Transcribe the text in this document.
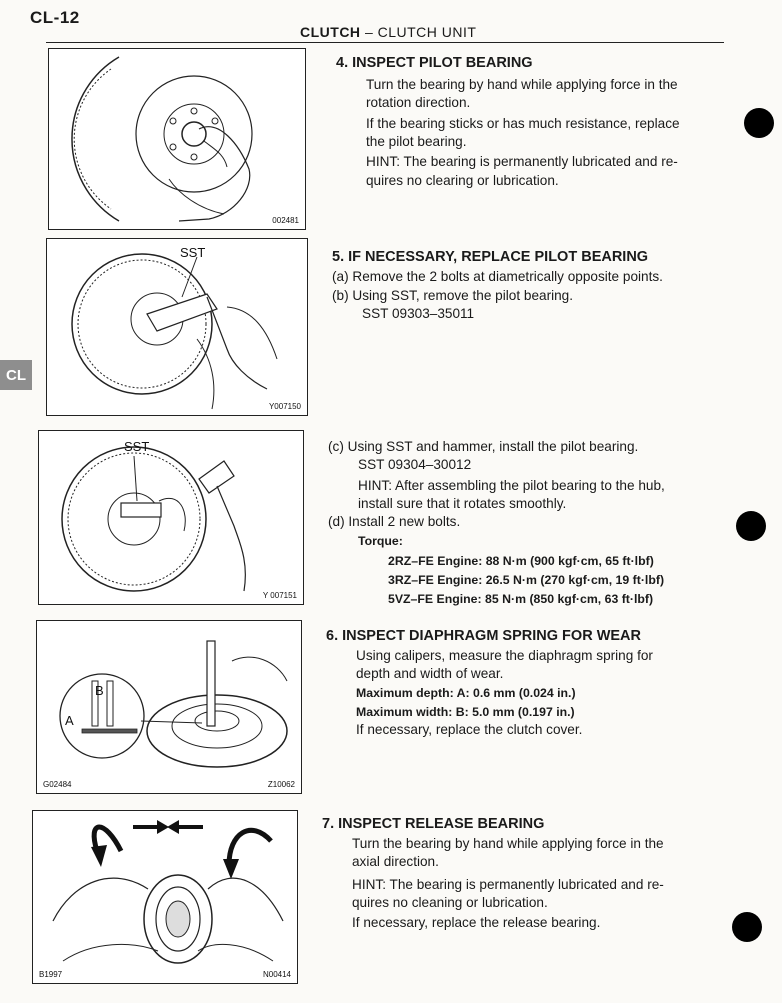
CL-12
CLUTCH – CLUTCH UNIT
CL
002481
SST
Y007150
SST
Y 007151
B
A
G02484	Z10062
B1997	N00414
4. INSPECT PILOT BEARING
Turn the bearing by hand while applying force in the
rotation direction.
If the bearing sticks or has much resistance, replace
the pilot bearing.
HINT: The bearing is permanently lubricated and re-
quires no clearing or lubrication.
5. IF NECESSARY, REPLACE PILOT BEARING
(a) Remove the 2 bolts at diametrically opposite points.
(b) Using SST, remove the pilot bearing.
SST 09303–35011
(c) Using SST and hammer, install the pilot bearing.
SST 09304–30012
HINT: After assembling the pilot bearing to the hub,
install sure that it rotates smoothly.
(d) Install 2 new bolts.
Torque:
2RZ–FE Engine: 88 N·m (900 kgf·cm, 65 ft·lbf)
3RZ–FE Engine: 26.5 N·m (270 kgf·cm, 19 ft·lbf)
5VZ–FE Engine: 85 N·m (850 kgf·cm, 63 ft·lbf)
6. INSPECT DIAPHRAGM SPRING FOR WEAR
Using calipers, measure the diaphragm spring for
depth and width of wear.
Maximum depth: A: 0.6 mm (0.024 in.)
Maximum width: B: 5.0 mm (0.197 in.)
If necessary, replace the clutch cover.
7. INSPECT RELEASE BEARING
Turn the bearing by hand while applying force in the
axial direction.
HINT: The bearing is permanently lubricated and re-
quires no cleaning or lubrication.
If necessary, replace the release bearing.
